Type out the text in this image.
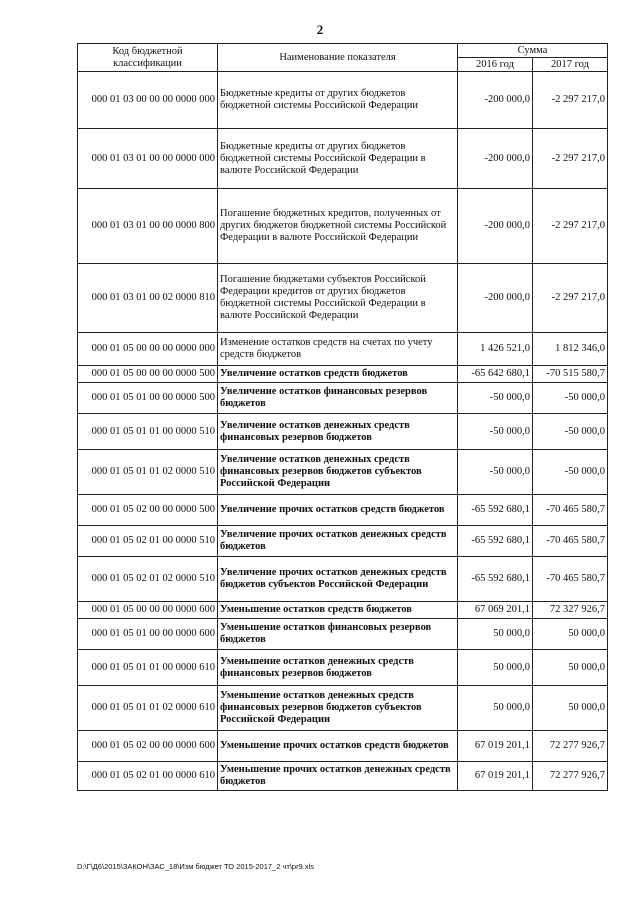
2
Код бюджетной классификации	Наименование показателя	Сумма	
		2016 год	2017 год
000 01 03 00 00 00 0000 000	Бюджетные кредиты от других бюджетов бюджетной системы Российской Федерации	-200 000,0	-2 297 217,0
000 01 03 01 00 00 0000 000	Бюджетные кредиты от других бюджетов бюджетной системы Российской Федерации в валюте Российской Федерации	-200 000,0	-2 297 217,0
000 01 03 01 00 00 0000 800	Погашение бюджетных кредитов, полученных от других бюджетов бюджетной системы Российской Федерации в валюте Российской Федерации	-200 000,0	-2 297 217,0
000 01 03 01 00 02 0000 810	Погашение бюджетами субъектов Российской Федерации кредитов от других бюджетов бюджетной системы Российской Федерации в валюте Российской Федерации	-200 000,0	-2 297 217,0
000 01 05 00 00 00 0000 000	Изменение остатков средств на счетах по учету средств бюджетов	1 426 521,0	1 812 346,0
000 01 05 00 00 00 0000 500	Увеличение остатков средств бюджетов	-65 642 680,1	-70 515 580,7
000 01 05 01 00 00 0000 500	Увеличение остатков финансовых резервов бюджетов	-50 000,0	-50 000,0
000 01 05 01 01 00 0000 510	Увеличение остатков денежных средств финансовых резервов бюджетов	-50 000,0	-50 000,0
000 01 05 01 01 02 0000 510	Увеличение остатков денежных средств финансовых резервов бюджетов субъектов Российской Федерации	-50 000,0	-50 000,0
000 01 05 02 00 00 0000 500	Увеличение прочих остатков средств бюджетов	-65 592 680,1	-70 465 580,7
000 01 05 02 01 00 0000 510	Увеличение прочих остатков денежных средств бюджетов	-65 592 680,1	-70 465 580,7
000 01 05 02 01 02 0000 510	Увеличение прочих остатков денежных средств бюджетов субъектов Российской Федерации	-65 592 680,1	-70 465 580,7
000 01 05 00 00 00 0000 600	Уменьшение остатков средств бюджетов	67 069 201,1	72 327 926,7
000 01 05 01 00 00 0000 600	Уменьшение остатков финансовых резервов бюджетов	50 000,0	50 000,0
000 01 05 01 01 00 0000 610	Уменьшение остатков денежных средств финансовых резервов бюджетов	50 000,0	50 000,0
000 01 05 01 01 02 0000 610	Уменьшение остатков денежных средств финансовых резервов бюджетов субъектов Российской Федерации	50 000,0	50 000,0
000 01 05 02 00 00 0000 600	Уменьшение прочих остатков средств бюджетов	67 019 201,1	72 277 926,7
000 01 05 02 01 00 0000 610	Уменьшение прочих остатков денежных средств бюджетов	67 019 201,1	72 277 926,7
D:\Г\Д6\2015\ЗАКОН\ЗАС_18\Изм бюджет ТО 2015-2017_2 чт\pr9.xls
